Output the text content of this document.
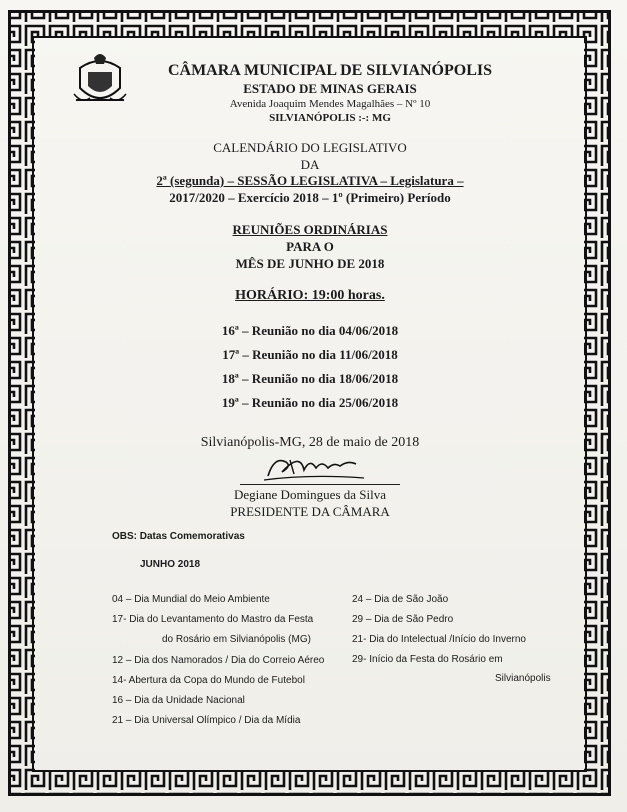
CÂMARA MUNICIPAL DE SILVIANÓPOLIS
ESTADO DE MINAS GERAIS
Avenida Joaquim Mendes Magalhães – Nº 10
SILVIANÓPOLIS :-: MG
CALENDÁRIO DO LEGISLATIVO
DA
2ª (segunda) – SESSÃO LEGISLATIVA – Legislatura –
2017/2020 – Exercício 2018 – 1º (Primeiro) Período
REUNIÕES ORDINÁRIAS
PARA O
MÊS DE JUNHO DE 2018
HORÁRIO: 19:00 horas.
16ª – Reunião no dia 04/06/2018
17ª – Reunião no dia 11/06/2018
18ª – Reunião no dia 18/06/2018
19ª – Reunião no dia 25/06/2018
Silvianópolis-MG, 28 de maio de 2018
Degiane Domingues da Silva
PRESIDENTE DA CÂMARA
OBS: Datas Comemorativas
JUNHO 2018
04 – Dia Mundial do Meio Ambiente
17- Dia do Levantamento do Mastro da Festa
do Rosário em Silvianópolis (MG)
12 – Dia dos Namorados / Dia do Correio Aéreo
14- Abertura da Copa do Mundo de Futebol
16 – Dia da Unidade Nacional
21 – Dia Universal Olímpico / Dia da Mídia
24 – Dia de São João
29 – Dia de São Pedro
21- Dia do Intelectual /Início do Inverno
29- Início da Festa do Rosário em
Silvianópolis
